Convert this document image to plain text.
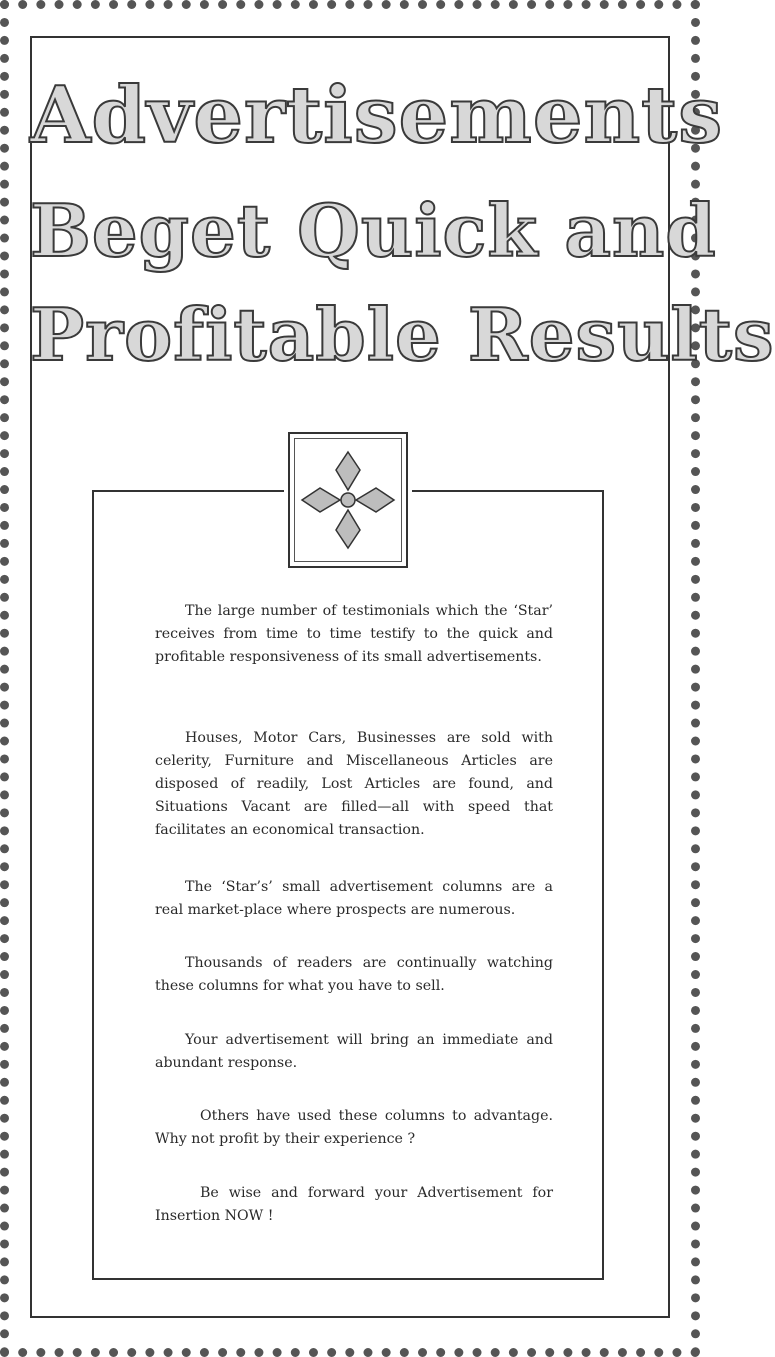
Advertisements
Beget Quick and
Profitable Results

The large number of testimonials which the ‘Star’ receives from time to time testify to the quick and profitable responsiveness of its small advertisements.

Houses, Motor Cars, Businesses are sold with celerity, Furniture and Miscellaneous Articles are disposed of readily, Lost Articles are found, and Situations Vacant are filled—all with speed that facilitates an economical transaction.

The ‘Star’s’ small advertisement columns are a real market-place where prospects are numerous.

Thousands of readers are continually watching these columns for what you have to sell.

Your advertisement will bring an immediate and abundant response.

Others have used these columns to advantage. Why not profit by their experience ?

Be wise and forward your Advertisement for Insertion NOW !
